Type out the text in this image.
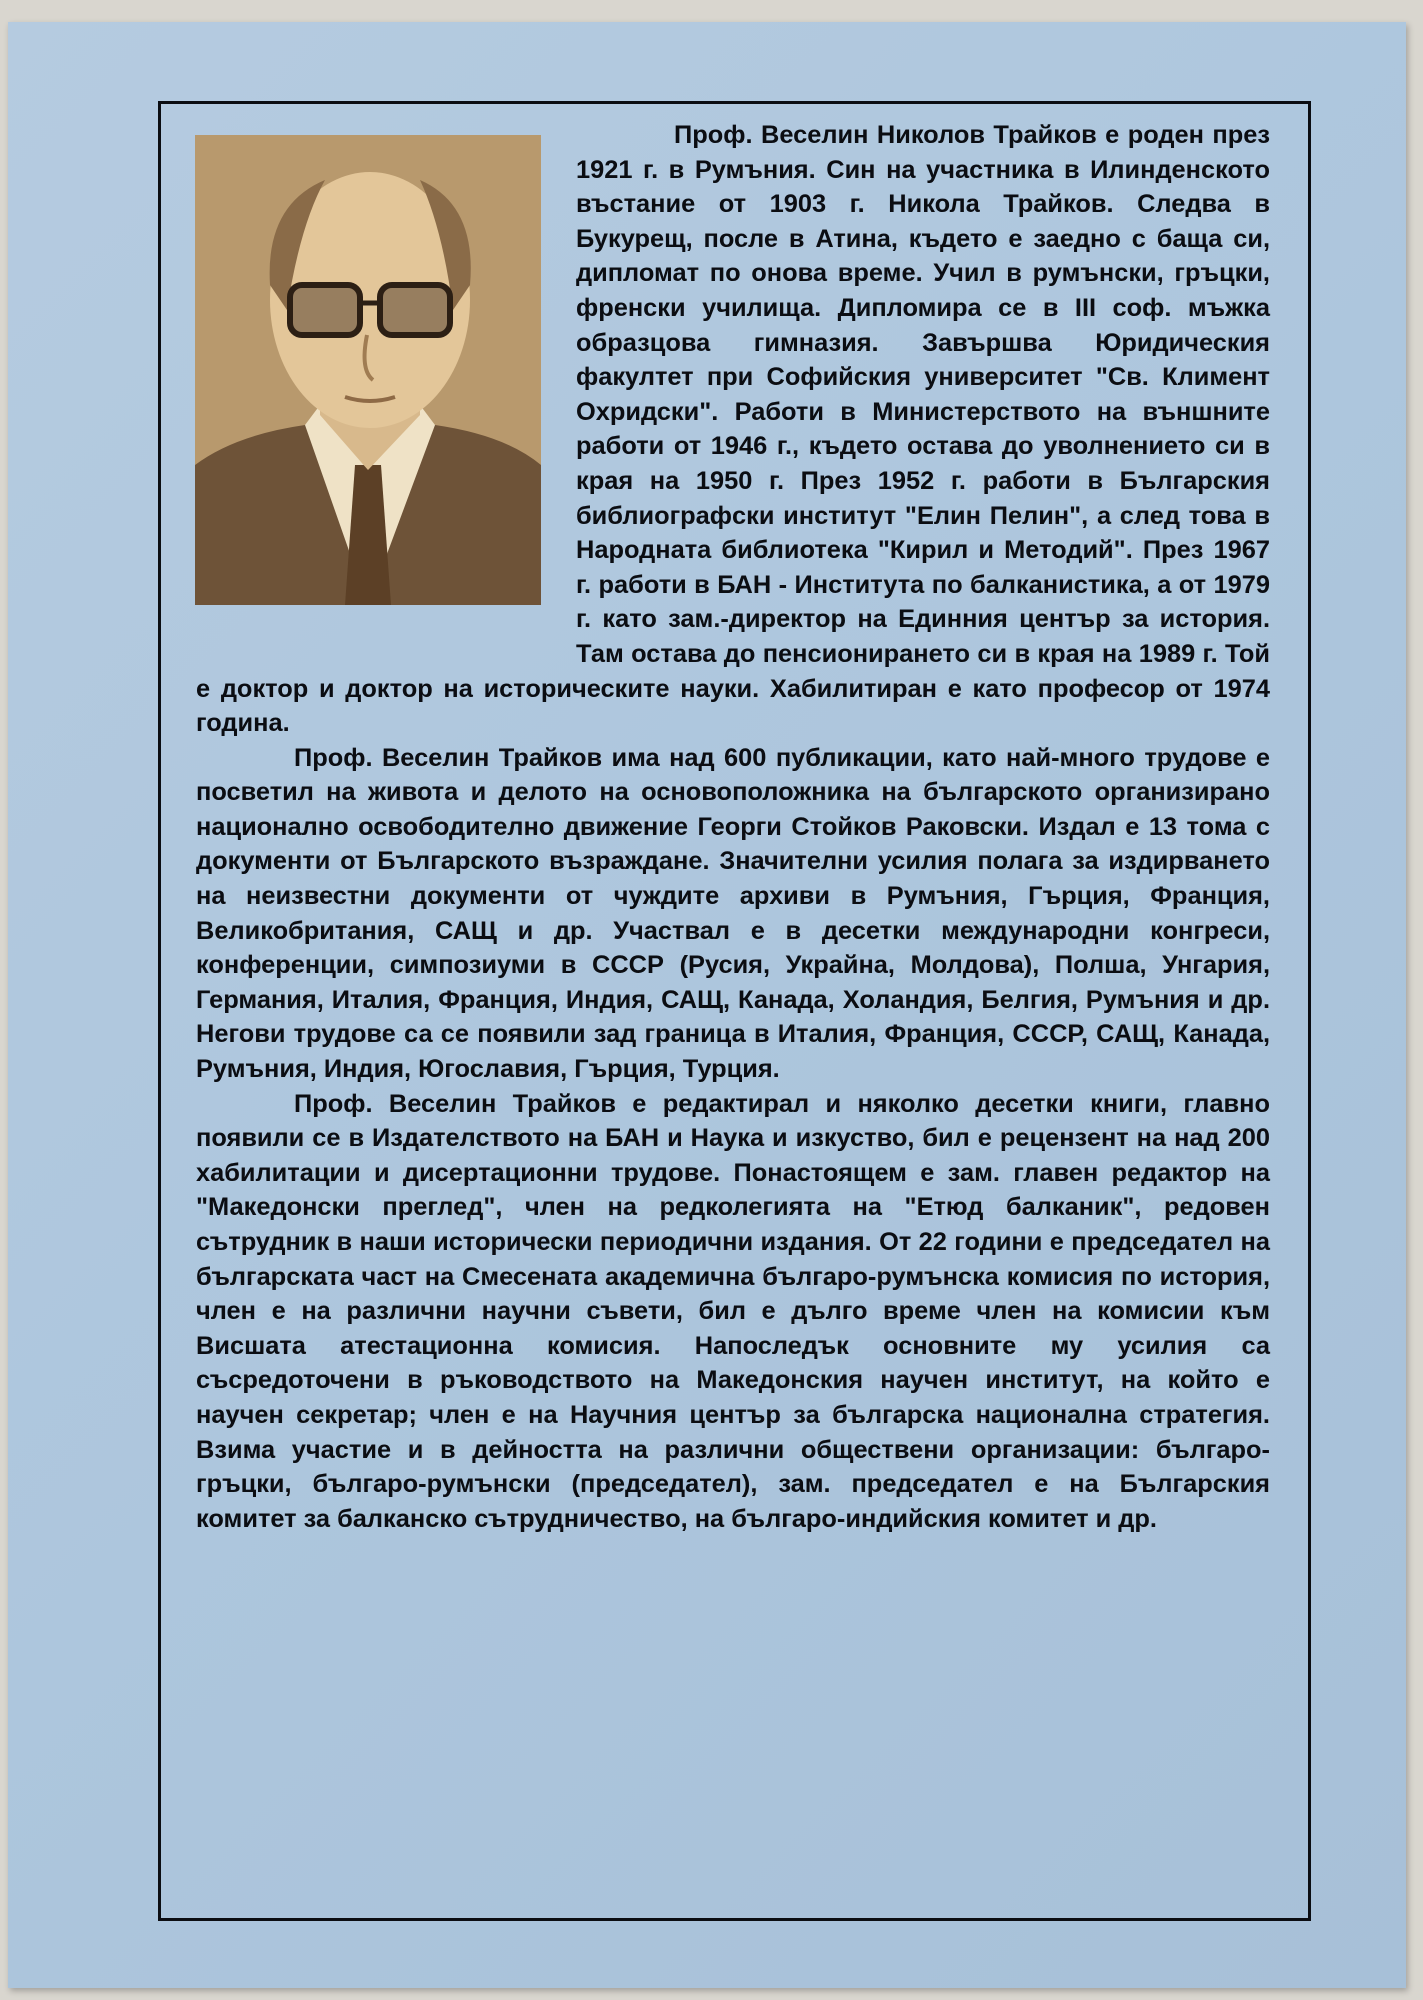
Проф. Веселин Николов Трайков е роден през 1921 г. в Румъния. Син на участника в Илинденското въстание от 1903 г. Никола Трайков. Следва в Букурещ, после в Атина, където е заедно с баща си, дипломат по онова време. Учил в румънски, гръцки, френски училища. Дипломира се в III соф. мъжка образцова гимназия. Завършва Юридическия факултет при Софийския университет "Св. Климент Охридски". Работи в Министерството на външните работи от 1946 г., където остава до уволнението си в края на 1950 г. През 1952 г. работи в Българския библиографски институт "Елин Пелин", а след това в Народната библиотека "Кирил и Методий". През 1967 г. работи в БАН - Института по балканистика, а от 1979 г. като зам.-директор на Единния център за история. Там остава до пенсионирането си в края на 1989 г. Той е доктор и доктор на историческите науки. Хабилитиран е като професор от 1974 година.

Проф. Веселин Трайков има над 600 публикации, като най-много трудове е посветил на живота и делото на основоположника на българското организирано национално освободително движение Георги Стойков Раковски. Издал е 13 тома с документи от Българското възраждане. Значителни усилия полага за издирването на неизвестни документи от чуждите архиви в Румъния, Гърция, Франция, Великобритания, САЩ и др. Участвал е в десетки международни конгреси, конференции, симпозиуми в СССР (Русия, Украйна, Молдова), Полша, Унгария, Германия, Италия, Франция, Индия, САЩ, Канада, Холандия, Белгия, Румъния и др. Негови трудове са се появили зад граница в Италия, Франция, СССР, САЩ, Канада, Румъния, Индия, Югославия, Гърция, Турция.

Проф. Веселин Трайков е редактирал и няколко десетки книги, главно появили се в Издателството на БАН и Наука и изкуство, бил е рецензент на над 200 хабилитации и дисертационни трудове. Понастоящем е зам. главен редактор на "Македонски преглед", член на редколегията на "Етюд балканик", редовен сътрудник в наши исторически периодични издания. От 22 години е председател на българската част на Смесената академична българо-румънска комисия по история, член е на различни научни съвети, бил е дълго време член на комисии към Висшата атестационна комисия. Напоследък основните му усилия са съсредоточени в ръководството на Македонския научен институт, на който е научен секретар; член е на Научния център за българска национална стратегия. Взима участие и в дейността на различни обществени организации: българо-гръцки, българо-румънски (председател), зам. председател е на Българския комитет за балканско сътрудничество, на българо-индийския комитет и др.
